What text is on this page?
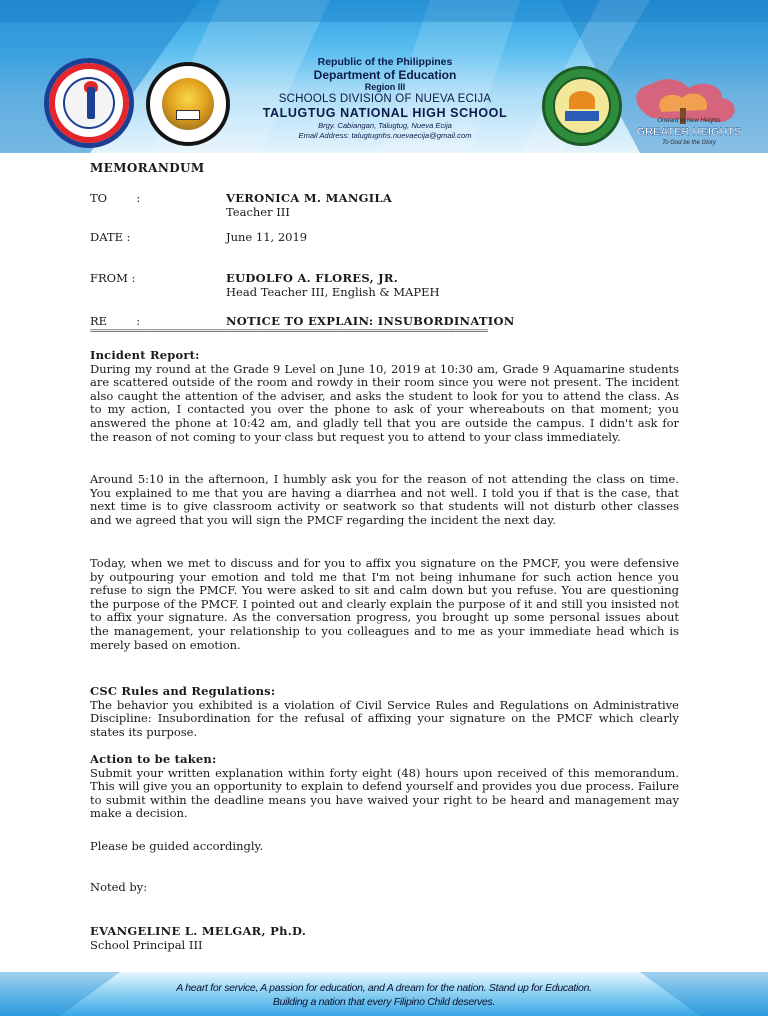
Republic of the Philippines
Department of Education
Region III
SCHOOLS DIVISION OF NUEVA ECIJA
TALUGTUG NATIONAL HIGH SCHOOL
Brgy. Cabiangan, Talugtug, Nueva Ecija
Email Address: talugtugnhs.nuevaecija@gmail.com
Onward to New Heights
GREATER HEIGHTS
To God be the Glory
MEMORANDUM
TO        :	VERONICA M. MANGILA
Teacher III
DATE :	June 11, 2019
FROM :	EUDOLFO A. FLORES, JR.
Head Teacher III, English & MAPEH
RE        :	NOTICE TO EXPLAIN: INSUBORDINATION
==============================================================================================================
Incident Report:

During my round at the Grade 9 Level on June 10, 2019 at 10:30 am, Grade 9 Aquamarine students are scattered outside of the room and rowdy in their room since you were not present. The incident also caught the attention of the adviser, and asks the student to look for you to attend the class. As to my action, I contacted you over the phone to ask of your whereabouts on that moment; you answered the phone at 10:42 am, and gladly tell that you are outside the campus. I didn't ask for the reason of not coming to your class but request you to attend to your class immediately.

Around 5:10 in the afternoon, I humbly ask you for the reason of not attending the class on time. You explained to me that you are having a diarrhea and not well. I told you if that is the case, that next time is to give classroom activity or seatwork so that students will not disturb other classes and we agreed that you will sign the PMCF regarding the incident the next day.

Today, when we met to discuss and for you to affix you signature on the PMCF, you were defensive by outpouring your emotion and told me that I'm not being inhumane for such action hence you refuse to sign the PMCF. You were asked to sit and calm down but you refuse. You are questioning the purpose of the PMCF. I pointed out and clearly explain the purpose of it and still you insisted not to affix your signature. As the conversation progress, you brought up some personal issues about the management, your relationship to you colleagues and to me as your immediate head which is merely based on emotion.

CSC Rules and Regulations:

The behavior you exhibited is a violation of Civil Service Rules and Regulations on Administrative Discipline: Insubordination for the refusal of affixing your signature on the PMCF which clearly states its purpose.

Action to be taken:

Submit your written explanation within forty eight (48) hours upon received of this memorandum. This will give you an opportunity to explain to defend yourself and provides you due process. Failure to submit within the deadline means you have waived your right to be heard and management may make a decision.

Please be guided accordingly.
Noted by:
EVANGELINE L. MELGAR, Ph.D.
School Principal III
A heart for service, A passion for education, and A dream for the nation. Stand up for Education.
Building a nation that every Filipino Child deserves.
